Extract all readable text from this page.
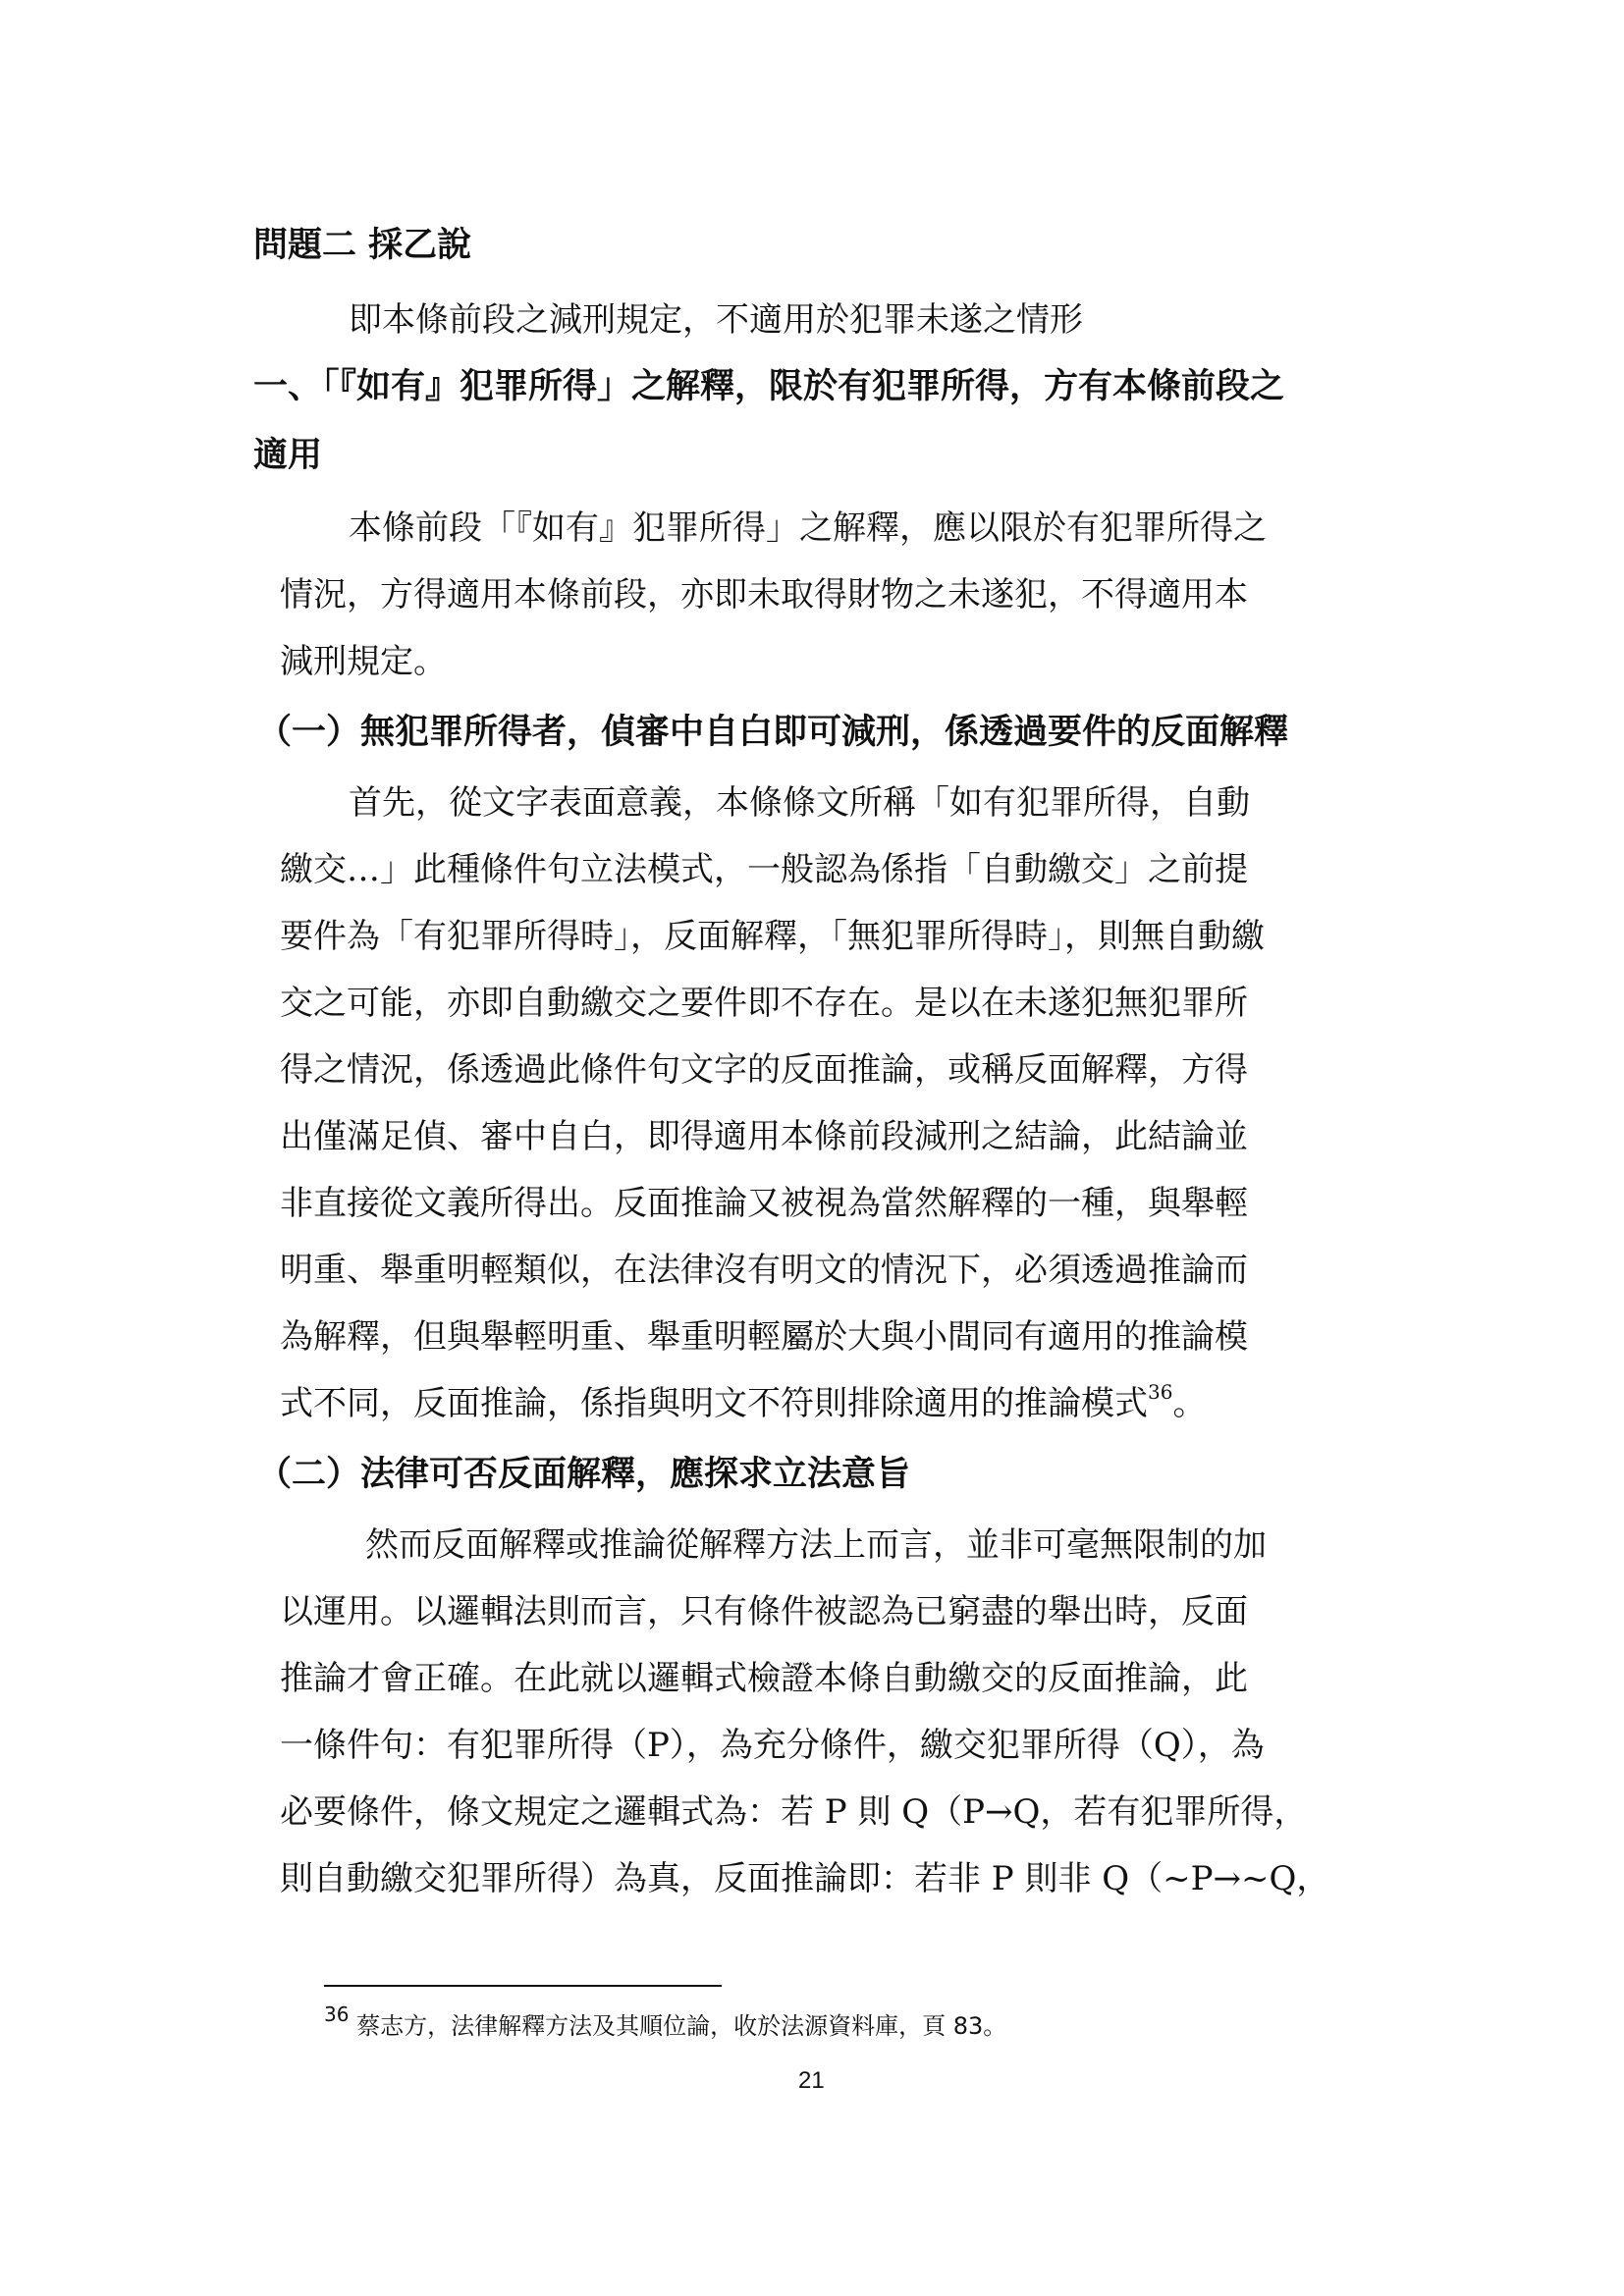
問題二 採乙說

即本條前段之減刑規定，不適用於犯罪未遂之情形

一、「『如有』犯罪所得」之解釋，限於有犯罪所得，方有本條前段之

適用

本條前段「『如有』犯罪所得」之解釋，應以限於有犯罪所得之

情況，方得適用本條前段，亦即未取得財物之未遂犯，不得適用本

減刑規定。

（一）無犯罪所得者，偵審中自白即可減刑，係透過要件的反面解釋

首先，從文字表面意義，本條條文所稱「如有犯罪所得，自動

繳交…」此種條件句立法模式，一般認為係指「自動繳交」之前提

要件為「有犯罪所得時」，反面解釋，「無犯罪所得時」，則無自動繳

交之可能，亦即自動繳交之要件即不存在。是以在未遂犯無犯罪所

得之情況，係透過此條件句文字的反面推論，或稱反面解釋，方得

出僅滿足偵、審中自白，即得適用本條前段減刑之結論，此結論並

非直接從文義所得出。反面推論又被視為當然解釋的一種，與舉輕

明重、舉重明輕類似，在法律沒有明文的情況下，必須透過推論而

為解釋，但與舉輕明重、舉重明輕屬於大與小間同有適用的推論模

式不同，反面推論，係指與明文不符則排除適用的推論模式$^{36}$。

（二）法律可否反面解釋，應探求立法意旨

然而反面解釋或推論從解釋方法上而言，並非可毫無限制的加

以運用。以邏輯法則而言，只有條件被認為已窮盡的舉出時，反面

推論才會正確。在此就以邏輯式檢證本條自動繳交的反面推論，此

一條件句：有犯罪所得（P），為充分條件，繳交犯罪所得（Q），為

必要條件，條文規定之邏輯式為：若 P 則 Q（P→Q，若有犯罪所得，

則自動繳交犯罪所得）為真，反面推論即：若非 P 則非 Q（~P→~Q，

$^{36}$ 蔡志方，法律解釋方法及其順位論，收於法源資料庫，頁 83。

21
